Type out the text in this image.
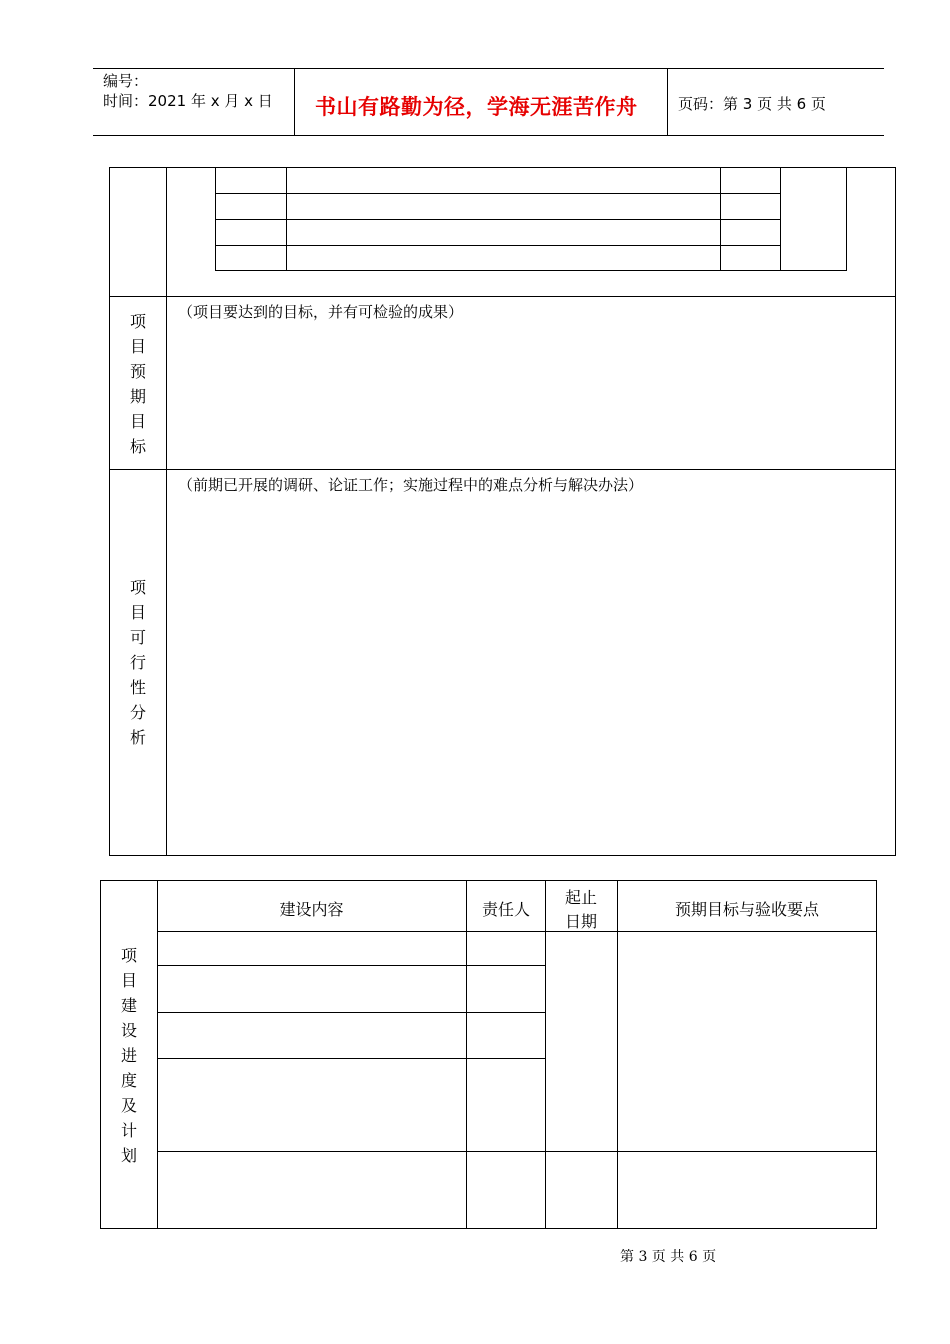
编号：
时间：2021 年 x 月 x 日 书山有路勤为径，学海无涯苦作舟	页码：第 3 页 共 6 页
项
目
预
期
目
标
（项目要达到的目标，并有可检验的成果）
项
目
可
行
性
分
析
（前期已开展的调研、论证工作；实施过程中的难点分析与解决办法）
建设内容	责任人
起止
日期
预期目标与验收要点
项
目
建
设
进
度
及
计
划
第 3 页 共 6 页
